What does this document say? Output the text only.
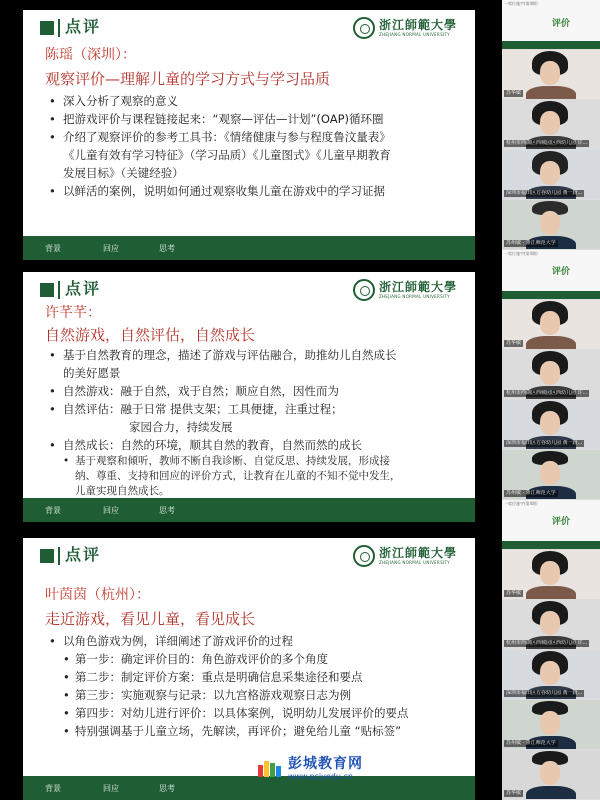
点评	浙江師範大學
ZHEJIANG NORMAL UNIVERSITY
陈瑶（深圳）：
观察评价—理解儿童的学习方式与学习品质
• 深入分析了观察的意义
• 把游戏评价与课程链接起来：“观察—评估—计划”(OAP)循环圈
• 介绍了观察评价的参考工具书：《情绪健康与参与程度鲁汶量表》
《儿童有效有学习特征》（学习品质）《儿童图式》《儿童早期教育
发展目标》（关键经验）
• 以鲜活的案例，说明如何通过观察收集儿童在游戏中的学习证据
背景	回应	思考
点评	浙江師範大學
ZHEJIANG NORMAL UNIVERSITY
许芊芊：
自然游戏，自然评估，自然成长
• 基于自然教育的理念，描述了游戏与评估融合，助推幼儿自然成长
的美好愿景
• 自然游戏：融于自然，戏于自然；顺应自然，因性而为
• 自然评估：融于日常 提供支架；工具便捷，注重过程；
家园合力，持续发展
• 自然成长：自然的环境，顺其自然的教育，自然而然的成长
• 基于观察和倾听，教师不断自我诊断、自觉反思、持续发展，形成接
纳、尊重、支持和回应的评价方式，让教育在儿童的不知不觉中发生，
儿童实现自然成长。
背景	回应	思考
点评	浙江師範大學
ZHEJIANG NORMAL UNIVERSITY
叶茵茵（杭州）：
走近游戏，看见儿童，看见成长
• 以角色游戏为例，详细阐述了游戏评价的过程
• 第一步：确定评价目的：角色游戏评价的多个角度
• 第二步：制定评价方案：重点是明确信息采集途径和要点
• 第三步：实施观察与记录：以九宫格游戏观察日志为例
• 第四步：对幼儿进行评价：以具体案例，说明幼儿发展评价的要点
• 特别强调基于儿童立场，先解读，再评价；避免给儿童 “贴标签”
背景	回应	思考
彭城教育网
www.pcjyedu.cn
一席位施字(第4期)
评价
苏华敏
杭州市西湖区西城园区西幼儿园 许...
深圳市福田区方谷幼儿园 黄一段...
苏州敏 · 浙江师范大学
一席位施字(第4期)
评价
苏华敏
杭州市西湖区西城园区西幼儿园 许...
深圳市福田区方谷幼儿园 黄一段...
苏州敏 · 浙江师范大学
一席位施字(第4期)
评价
苏华敏
杭州市西湖区西城园区西幼儿园 许...
深圳市福田区方谷幼儿园 黄一段...
苏州敏 · 浙江师范大学
苏华敏
